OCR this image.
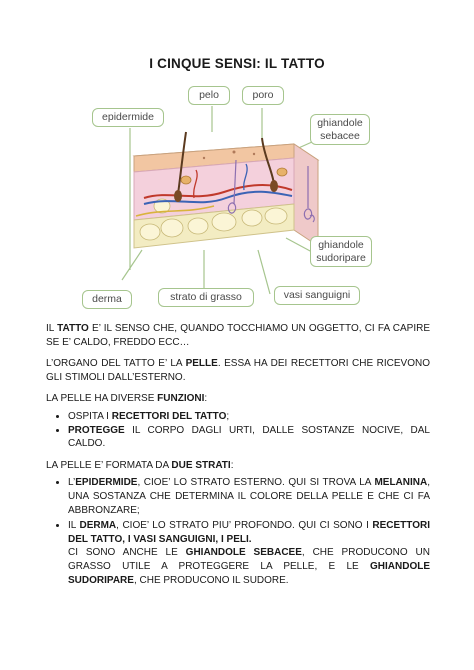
I CINQUE SENSI: IL TATTO
epidermide
pelo	poro
ghiandole
sebacee
ghiandole
sudoripare
vasi sanguigni
strato di grasso
derma

IL TATTO E’ IL SENSO CHE, QUANDO TOCCHIAMO UN OGGETTO, CI FA CAPIRE SE E’ CALDO, FREDDO ECC…

L’ORGANO DEL TATTO E’ LA PELLE. ESSA HA DEI RECETTORI CHE RICEVONO GLI STIMOLI DALL’ESTERNO.

LA PELLE HA DIVERSE FUNZIONI:

• OSPITA I RECETTORI DEL TATTO;
• PROTEGGE IL CORPO DAGLI URTI, DALLE SOSTANZE NOCIVE, DAL CALDO.

LA PELLE E’ FORMATA DA DUE STRATI:

• L’EPIDERMIDE, CIOE’ LO STRATO ESTERNO. QUI SI TROVA LA MELANINA, UNA SOSTANZA CHE DETERMINA IL COLORE DELLA PELLE E CHE CI FA ABBRONZARE;
• IL DERMA, CIOE’ LO STRATO PIU’ PROFONDO. QUI CI SONO I RECETTORI DEL TATTO, I VASI SANGUIGNI, I PELI.
CI SONO ANCHE LE GHIANDOLE SEBACEE, CHE PRODUCONO UN GRASSO UTILE A PROTEGGERE LA PELLE, E LE GHIANDOLE SUDORIPARE, CHE PRODUCONO IL SUDORE.
